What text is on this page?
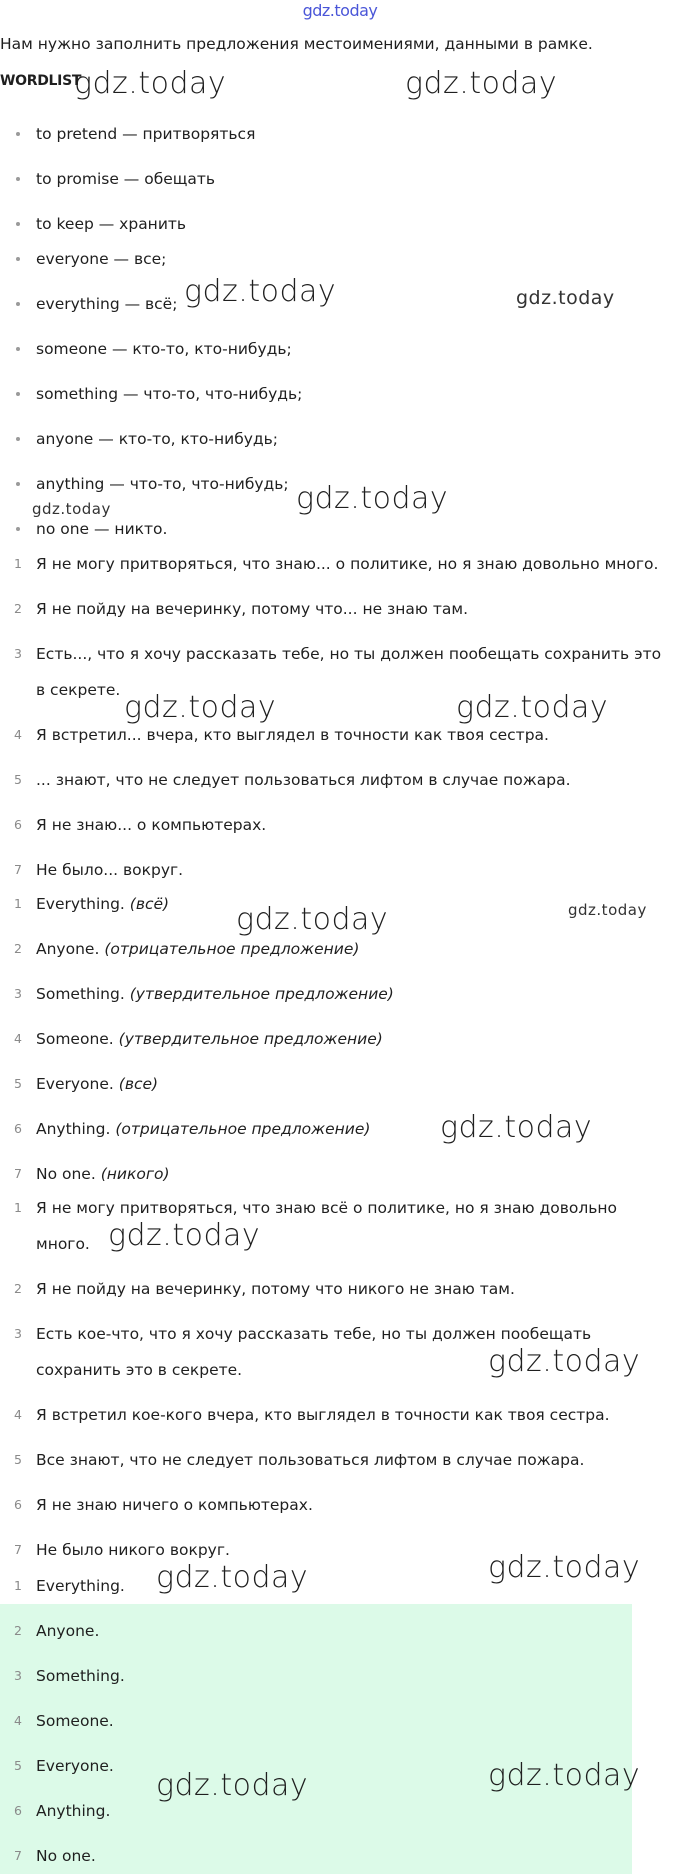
gdz.today
Нам нужно заполнить предложения местоимениями, данными в рамке.
WORDLIST
to pretend — притворяться
to promise — обещать
to keep — хранить
everyone — все;
everything — всё;
someone — кто-то, кто-нибудь;
something — что-то, что-нибудь;
anyone — кто-то, кто-нибудь;
anything — что-то, что-нибудь;
no one — никто.
1 Я не могу притворяться, что знаю... о политике, но я знаю довольно много.
2 Я не пойду на вечеринку, потому что... не знаю там.
3 Есть..., что я хочу рассказать тебе, но ты должен пообещать сохранить это
в секрете.
4 Я встретил... вчера, кто выглядел в точности как твоя сестра.
5 ... знают, что не следует пользоваться лифтом в случае пожара.
6 Я не знаю... о компьютерах.
7 Не было... вокруг.
1 Everything. (всё)
2 Anyone. (отрицательное предложение)
3 Something. (утвердительное предложение)
4 Someone. (утвердительное предложение)
5 Everyone. (все)
6 Anything. (отрицательное предложение)
7 No one. (никого)
1 Я не могу притворяться, что знаю всё о политике, но я знаю довольно
много.
2 Я не пойду на вечеринку, потому что никого не знаю там.
3 Есть кое-что, что я хочу рассказать тебе, но ты должен пообещать
сохранить это в секрете.
4 Я встретил кое-кого вчера, кто выглядел в точности как твоя сестра.
5 Все знают, что не следует пользоваться лифтом в случае пожара.
6 Я не знаю ничего о компьютерах.
7 Не было никого вокруг.
1 Everything.
2 Anyone.
3 Something.
4 Someone.
5 Everyone.
6 Anything.
7 No one.
gdz.today	gdz.today
gdz.today	gdz.today
gdz.today
gdz.today
gdz.today	gdz.today
gdz.today	gdz.today
gdz.today
gdz.today
gdz.today
gdz.today
gdz.today
gdz.today
gdz.today
